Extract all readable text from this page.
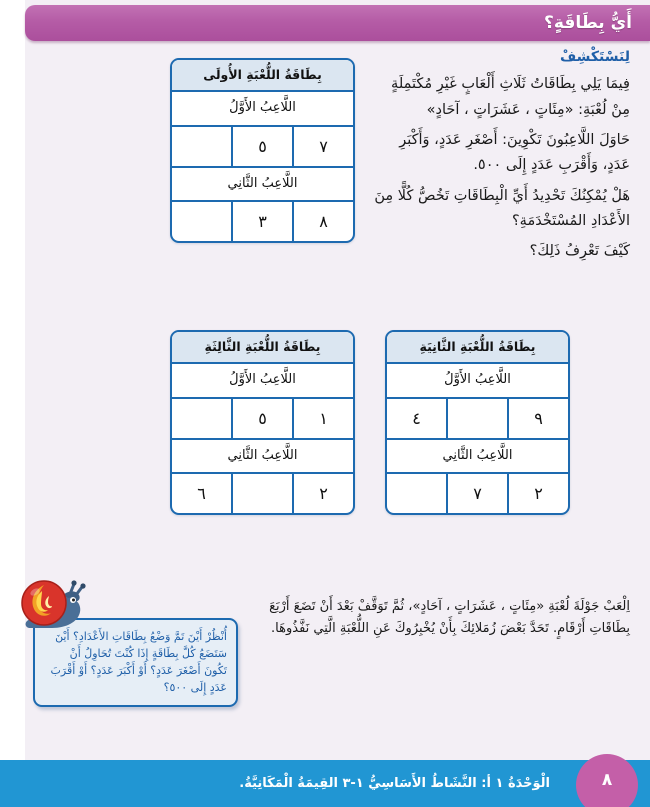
أَيُّ بِطَاقَةٍ؟
لِنَسْتَكْشِفْ

فِيمَا يَلِي بِطَاقَاتُ ثَلَاثِ أَلْعَابٍ غَيْرِ مُكْتَمِلَةٍ مِنْ لُعْبَةِ: «مِئَاتٍ ، عَشَرَاتٍ ، آحَادٍ»

حَاوَلَ اللَّاعِبُونَ تَكْوِينَ: أَصْغَرِ عَدَدٍ، وَأَكْبَرِ عَدَدٍ، وَأَقْرَبِ عَدَدٍ إِلَى ٥٠٠.

هَلْ يُمْكِنُكَ تَحْدِيدُ أَيِّ الْبِطَاقَاتِ تَخُصُّ كُلًّا مِنَ الأَعْدَادِ المُسْتَخْدَمَةِ؟

كَيْفَ تَعْرِفُ ذَلِكَ؟

بِطَاقَةُ اللُّعْبَةِ الأُولَى
اللَّاعِبُ الأَوَّلُ
٧
٥
اللَّاعِبُ الثَّانِي
٨
٣
بِطَاقَةُ اللُّعْبَةِ الثَّانِيَةِ
اللَّاعِبُ الأَوَّلُ
٩
٤
اللَّاعِبُ الثَّانِي
٢
٧
بِطَاقَةُ اللُّعْبَةِ الثَّالِثَةِ
اللَّاعِبُ الأَوَّلُ
١
٥
اللَّاعِبُ الثَّانِي
٢
٦
اِلْعَبْ جَوْلَةَ لُعْبَةِ «مِئَاتٍ ، عَشَرَاتٍ ، آحَادٍ»، ثُمَّ تَوَقَّفْ بَعْدَ أَنْ تَضَعَ أَرْبَعَ بِطَاقَاتِ أَرْقَامٍ. تَحَدَّ بَعْضَ زُمَلائِكَ بِأَنْ يُخْبِرُوكَ عَنِ اللُّعْبَةِ الَّتِي نَفَّذُوهَا.
أُنْظُرْ أَيْنَ تَمَّ وَضْعُ بِطَاقَاتِ الأَعْدَادِ؟ أَيْنَ سَتَضَعُ كُلَّ بِطَاقَةٍ إِذَا كُنْتَ تُحَاوِلُ أَنْ تَكُونَ أَصْغَرَ عَدَدٍ؟ أَوْ أَكْبَرَ عَدَدٍ؟ أَوْ أَقْرَبَ عَدَدٍ إِلَى ٥٠٠؟
الْوَحْدَةُ ١ أ: النَّشَاطُ الأَسَاسِيُّ ١-٣ القِيمَةُ الْمَكَانِيَّةُ.	٨
